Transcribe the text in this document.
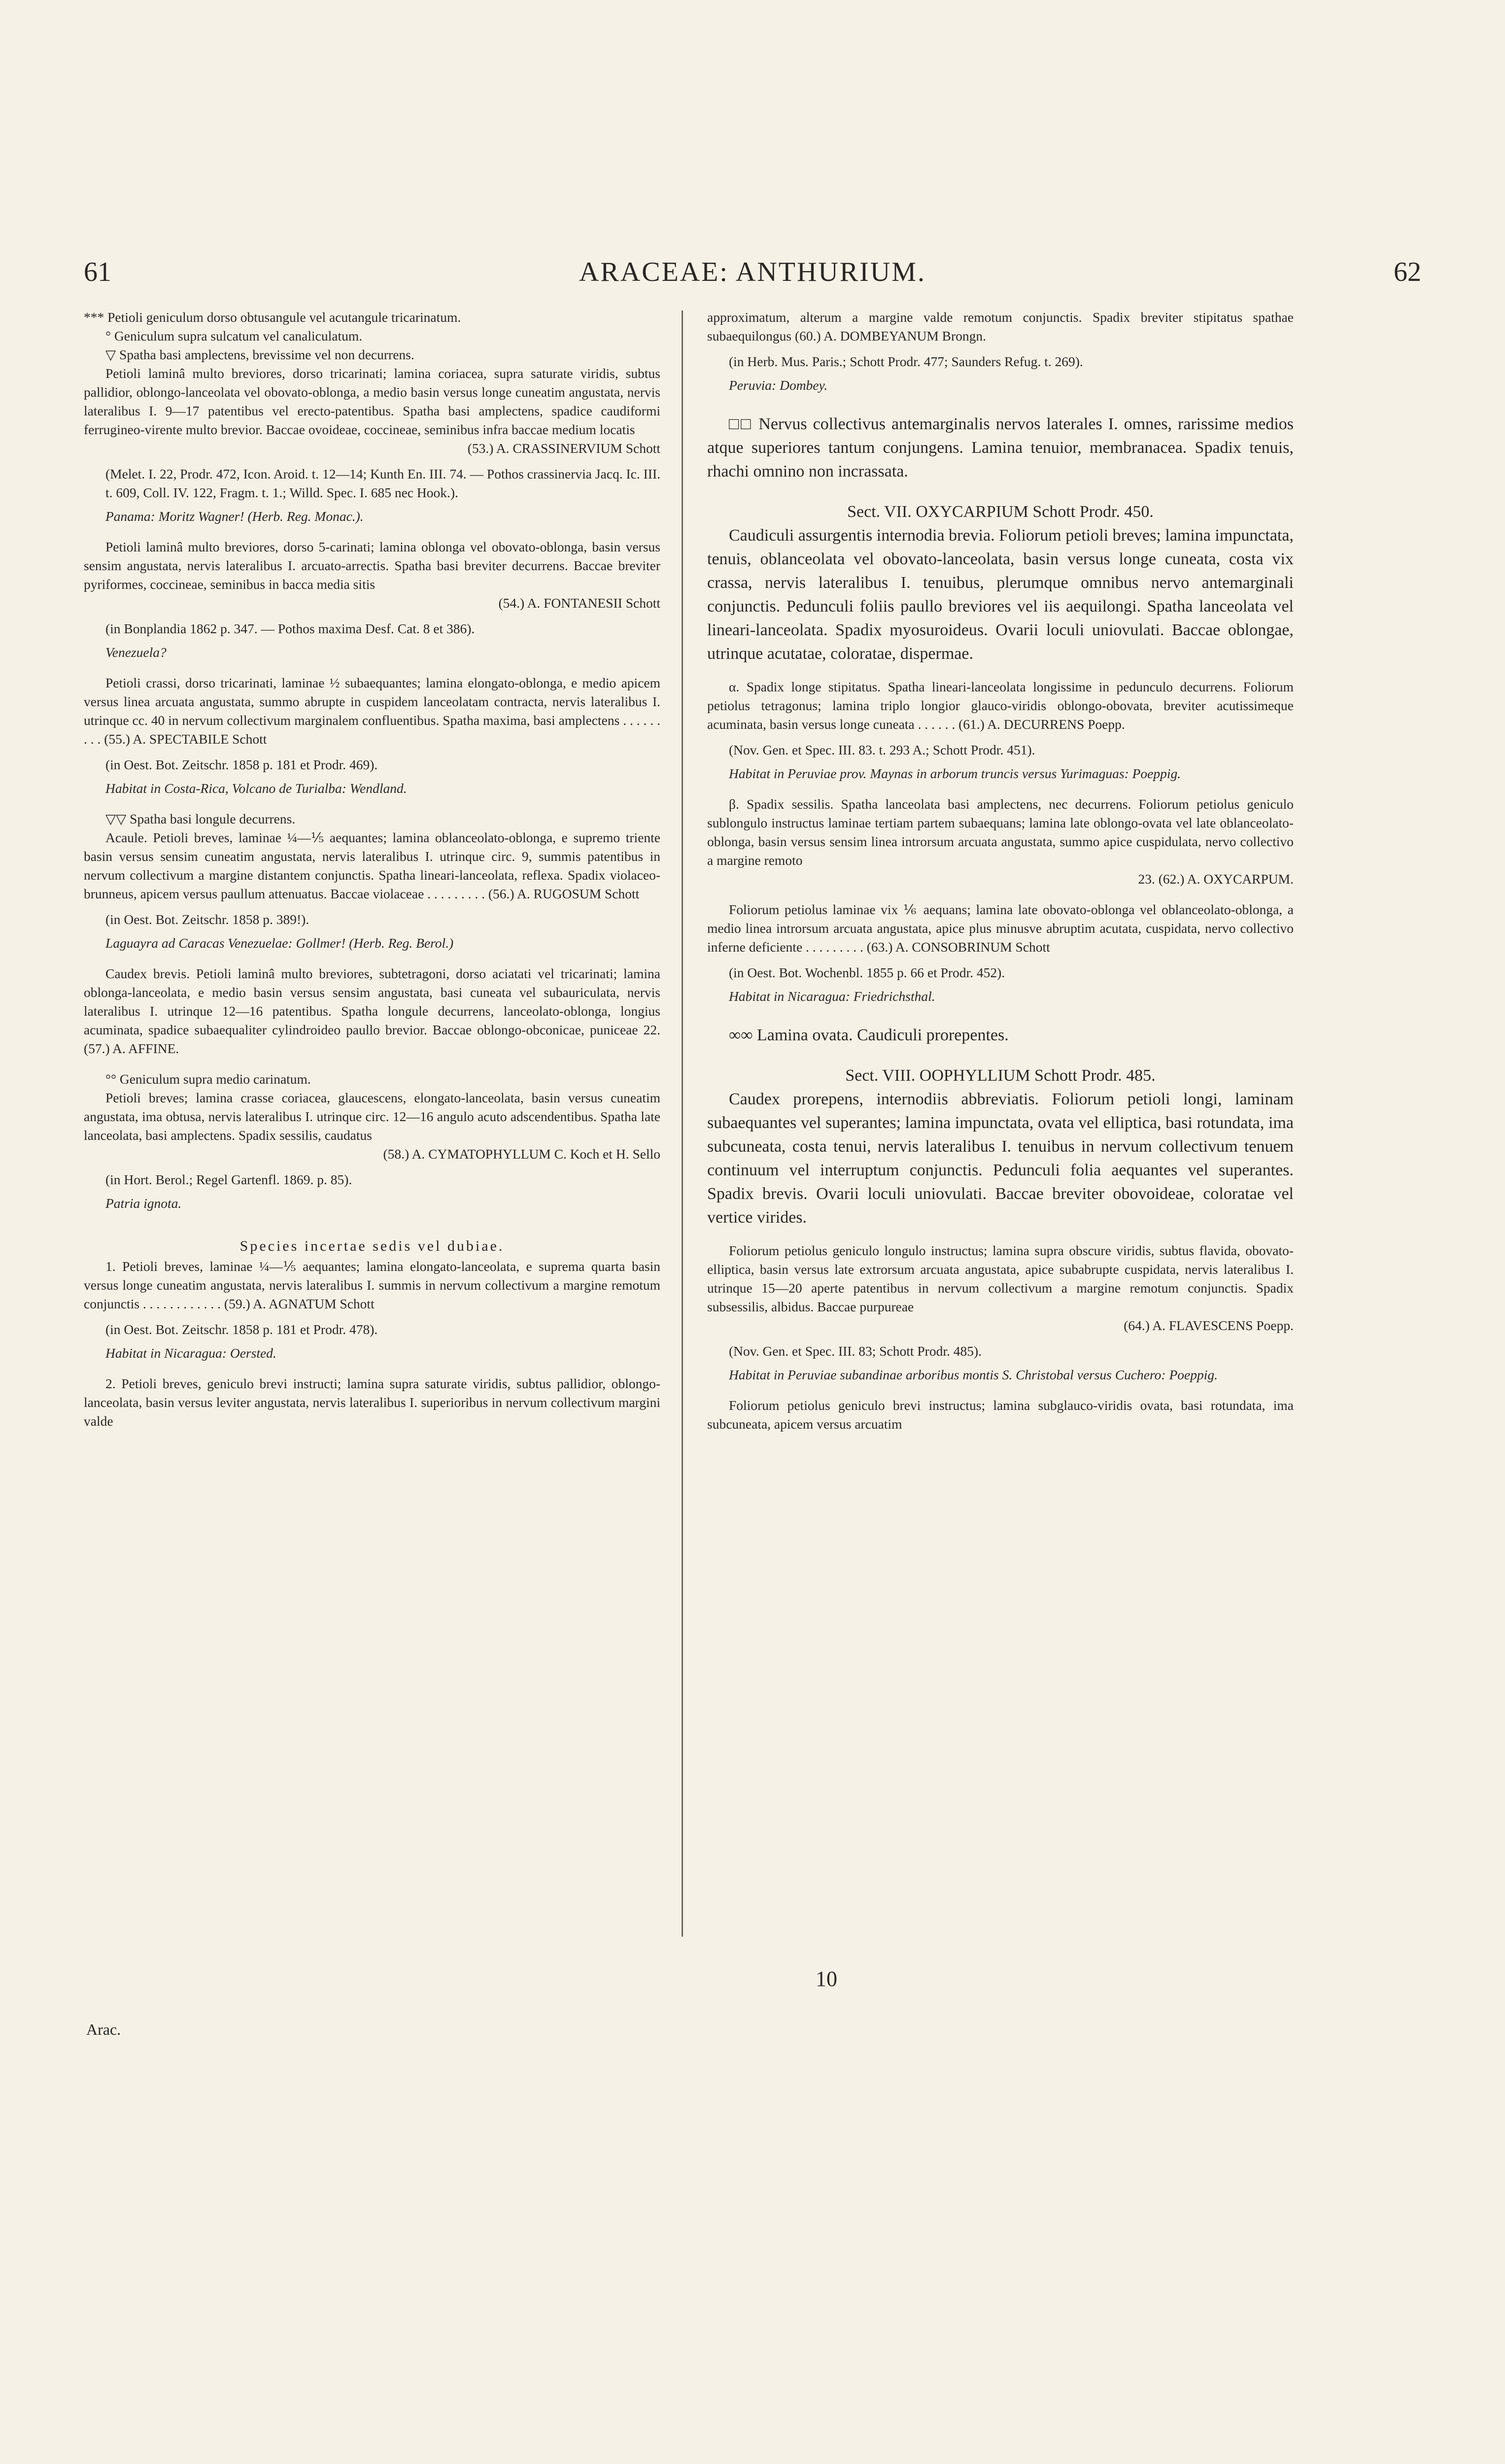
61	ARACEAE: ANTHURIUM.	62

*** Petioli geniculum dorso obtusangule vel acutangule tricarinatum.

° Geniculum supra sulcatum vel canaliculatum.

▽ Spatha basi amplectens, brevissime vel non decurrens.

Petioli laminâ multo breviores, dorso tricarinati; lamina coriacea, supra saturate viridis, subtus pallidior, oblongo-lanceolata vel obovato-oblonga, a medio basin versus longe cuneatim angustata, nervis lateralibus I. 9—17 patentibus vel erecto-patentibus. Spatha basi amplectens, spadice caudiformi ferrugineo-virente multo brevior. Baccae ovoideae, coccineae, seminibus infra baccae medium locatis

(53.) A. CRASSINERVIUM Schott

(Melet. I. 22, Prodr. 472, Icon. Aroid. t. 12—14; Kunth En. III. 74. — Pothos crassinervia Jacq. Ic. III. t. 609, Coll. IV. 122, Fragm. t. 1.; Willd. Spec. I. 685 nec Hook.).

Panama: Moritz Wagner! (Herb. Reg. Monac.).

Petioli laminâ multo breviores, dorso 5-carinati; lamina oblonga vel obovato-oblonga, basin versus sensim angustata, nervis lateralibus I. arcuato-arrectis. Spatha basi breviter decurrens. Baccae breviter pyriformes, coccineae, seminibus in bacca media sitis

(54.) A. FONTANESII Schott

(in Bonplandia 1862 p. 347. — Pothos maxima Desf. Cat. 8 et 386).

Venezuela?

Petioli crassi, dorso tricarinati, laminae ½ subaequantes; lamina elongato-oblonga, e medio apicem versus linea arcuata angustata, summo abrupte in cuspidem lanceolatam contracta, nervis lateralibus I. utrinque cc. 40 in nervum collectivum marginalem confluentibus. Spatha maxima, basi amplectens . . . . . . . . . (55.) A. SPECTABILE Schott

(in Oest. Bot. Zeitschr. 1858 p. 181 et Prodr. 469).

Habitat in Costa-Rica, Volcano de Turialba: Wendland.

▽▽ Spatha basi longule decurrens.

Acaule. Petioli breves, laminae ¼—⅕ aequantes; lamina oblanceolato-oblonga, e supremo triente basin versus sensim cuneatim angustata, nervis lateralibus I. utrinque circ. 9, summis patentibus in nervum collectivum a margine distantem conjunctis. Spatha lineari-lanceolata, reflexa. Spadix violaceo-brunneus, apicem versus paullum attenuatus. Baccae violaceae . . . . . . . . . (56.) A. RUGOSUM Schott

(in Oest. Bot. Zeitschr. 1858 p. 389!).

Laguayra ad Caracas Venezuelae: Gollmer! (Herb. Reg. Berol.)

Caudex brevis. Petioli laminâ multo breviores, subtetragoni, dorso aciatati vel tricarinati; lamina oblonga-lanceolata, e medio basin versus sensim angustata, basi cuneata vel subauriculata, nervis lateralibus I. utrinque 12—16 patentibus. Spatha longule decurrens, lanceolato-oblonga, longius acuminata, spadice subaequaliter cylindroideo paullo brevior. Baccae oblongo-obconicae, puniceae 22. (57.) A. AFFINE.

°° Geniculum supra medio carinatum.

Petioli breves; lamina crasse coriacea, glaucescens, elongato-lanceolata, basin versus cuneatim angustata, ima obtusa, nervis lateralibus I. utrinque circ. 12—16 angulo acuto adscendentibus. Spatha late lanceolata, basi amplectens. Spadix sessilis, caudatus

(58.) A. CYMATOPHYLLUM C. Koch et H. Sello

(in Hort. Berol.; Regel Gartenfl. 1869. p. 85).

Patria ignota.

Species incertae sedis vel dubiae.

1. Petioli breves, laminae ¼—⅕ aequantes; lamina elongato-lanceolata, e suprema quarta basin versus longe cuneatim angustata, nervis lateralibus I. summis in nervum collectivum a margine remotum conjunctis . . . . . . . . . . . . (59.) A. AGNATUM Schott

(in Oest. Bot. Zeitschr. 1858 p. 181 et Prodr. 478).

Habitat in Nicaragua: Oersted.

2. Petioli breves, geniculo brevi instructi; lamina supra saturate viridis, subtus pallidior, oblongo-lanceolata, basin versus leviter angustata, nervis lateralibus I. superioribus in nervum collectivum margini valde

approximatum, alterum a margine valde remotum conjunctis. Spadix breviter stipitatus spathae subaequilongus (60.) A. DOMBEYANUM Brongn.

(in Herb. Mus. Paris.; Schott Prodr. 477; Saunders Refug. t. 269).

Peruvia: Dombey.

□□ Nervus collectivus antemarginalis nervos laterales I. omnes, rarissime medios atque superiores tantum conjungens. Lamina tenuior, membranacea. Spadix tenuis, rhachi omnino non incrassata.

Sect. VII. OXYCARPIUM Schott Prodr. 450.

Caudiculi assurgentis internodia brevia. Foliorum petioli breves; lamina impunctata, tenuis, oblanceolata vel obovato-lanceolata, basin versus longe cuneata, costa vix crassa, nervis lateralibus I. tenuibus, plerumque omnibus nervo antemarginali conjunctis. Pedunculi foliis paullo breviores vel iis aequilongi. Spatha lanceolata vel lineari-lanceolata. Spadix myosuroideus. Ovarii loculi uniovulati. Baccae oblongae, utrinque acutatae, coloratae, dispermae.

α. Spadix longe stipitatus. Spatha lineari-lanceolata longissime in pedunculo decurrens. Foliorum petiolus tetragonus; lamina triplo longior glauco-viridis oblongo-obovata, breviter acutissimeque acuminata, basin versus longe cuneata . . . . . . (61.) A. DECURRENS Poepp.

(Nov. Gen. et Spec. III. 83. t. 293 A.; Schott Prodr. 451).

Habitat in Peruviae prov. Maynas in arborum truncis versus Yurimaguas: Poeppig.

β. Spadix sessilis. Spatha lanceolata basi amplectens, nec decurrens. Foliorum petiolus geniculo sublongulo instructus laminae tertiam partem subaequans; lamina late oblongo-ovata vel late oblanceolato-oblonga, basin versus sensim linea introrsum arcuata angustata, summo apice cuspidulata, nervo collectivo a margine remoto

23. (62.) A. OXYCARPUM.

Foliorum petiolus laminae vix ⅙ aequans; lamina late obovato-oblonga vel oblanceolato-oblonga, a medio linea introrsum arcuata angustata, apice plus minusve abruptim acutata, cuspidata, nervo collectivo inferne deficiente . . . . . . . . . (63.) A. CONSOBRINUM Schott

(in Oest. Bot. Wochenbl. 1855 p. 66 et Prodr. 452).

Habitat in Nicaragua: Friedrichsthal.

∞∞ Lamina ovata. Caudiculi prorepentes.

Sect. VIII. OOPHYLLIUM Schott Prodr. 485.

Caudex prorepens, internodiis abbreviatis. Foliorum petioli longi, laminam subaequantes vel superantes; lamina impunctata, ovata vel elliptica, basi rotundata, ima subcuneata, costa tenui, nervis lateralibus I. tenuibus in nervum collectivum tenuem continuum vel interruptum conjunctis. Pedunculi folia aequantes vel superantes. Spadix brevis. Ovarii loculi uniovulati. Baccae breviter obovoideae, coloratae vel vertice virides.

Foliorum petiolus geniculo longulo instructus; lamina supra obscure viridis, subtus flavida, obovato-elliptica, basin versus late extrorsum arcuata angustata, apice subabrupte cuspidata, nervis lateralibus I. utrinque 15—20 aperte patentibus in nervum collectivum a margine remotum conjunctis. Spadix subsessilis, albidus. Baccae purpureae

(64.) A. FLAVESCENS Poepp.

(Nov. Gen. et Spec. III. 83; Schott Prodr. 485).

Habitat in Peruviae subandinae arboribus montis S. Christobal versus Cuchero: Poeppig.

Foliorum petiolus geniculo brevi instructus; lamina subglauco-viridis ovata, basi rotundata, ima subcuneata, apicem versus arcuatim

Arac.
10
